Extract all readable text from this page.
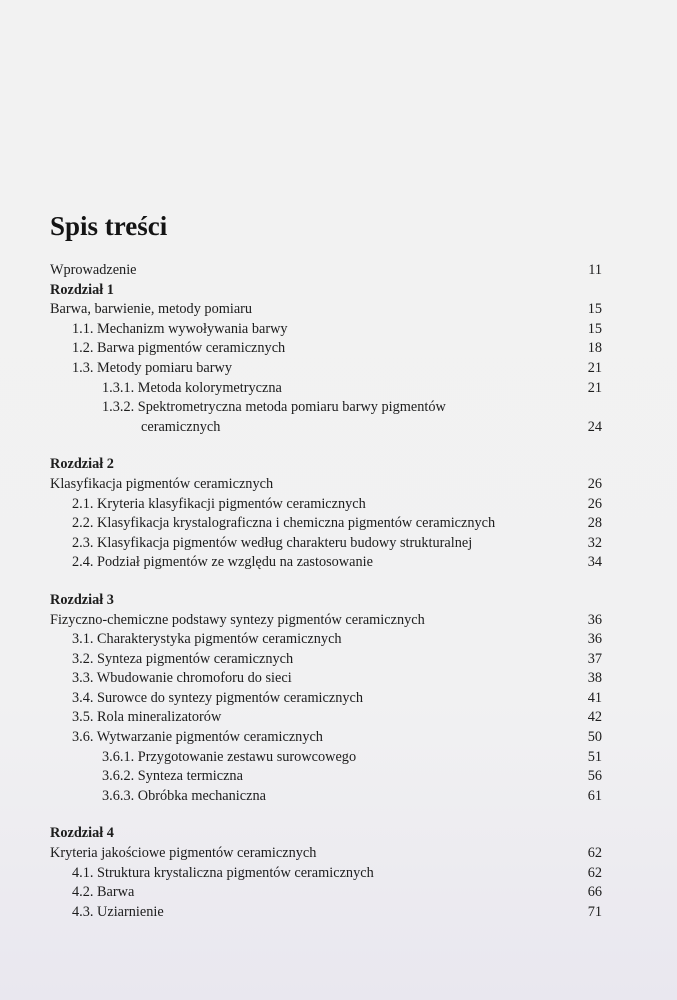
Spis treści
Wprowadzenie	11
Rozdział 1
Barwa, barwienie, metody pomiaru	15
1.1. Mechanizm wywoływania barwy	15
1.2. Barwa pigmentów ceramicznych	18
1.3. Metody pomiaru barwy	21
1.3.1. Metoda kolorymetryczna	21
1.3.2. Spektrometryczna metoda pomiaru barwy pigmentów
ceramicznych	24
Rozdział 2
Klasyfikacja pigmentów ceramicznych	26
2.1. Kryteria klasyfikacji pigmentów ceramicznych	26
2.2. Klasyfikacja krystalograficzna i chemiczna pigmentów ceramicznych	28
2.3. Klasyfikacja pigmentów według charakteru budowy strukturalnej	32
2.4. Podział pigmentów ze względu na zastosowanie	34
Rozdział 3
Fizyczno-chemiczne podstawy syntezy pigmentów ceramicznych	36
3.1. Charakterystyka pigmentów ceramicznych	36
3.2. Synteza pigmentów ceramicznych	37
3.3. Wbudowanie chromoforu do sieci	38
3.4. Surowce do syntezy pigmentów ceramicznych	41
3.5. Rola mineralizatorów	42
3.6. Wytwarzanie pigmentów ceramicznych	50
3.6.1. Przygotowanie zestawu surowcowego	51
3.6.2. Synteza termiczna	56
3.6.3. Obróbka mechaniczna	61
Rozdział 4
Kryteria jakościowe pigmentów ceramicznych	62
4.1. Struktura krystaliczna pigmentów ceramicznych	62
4.2. Barwa	66
4.3. Uziarnienie	71
